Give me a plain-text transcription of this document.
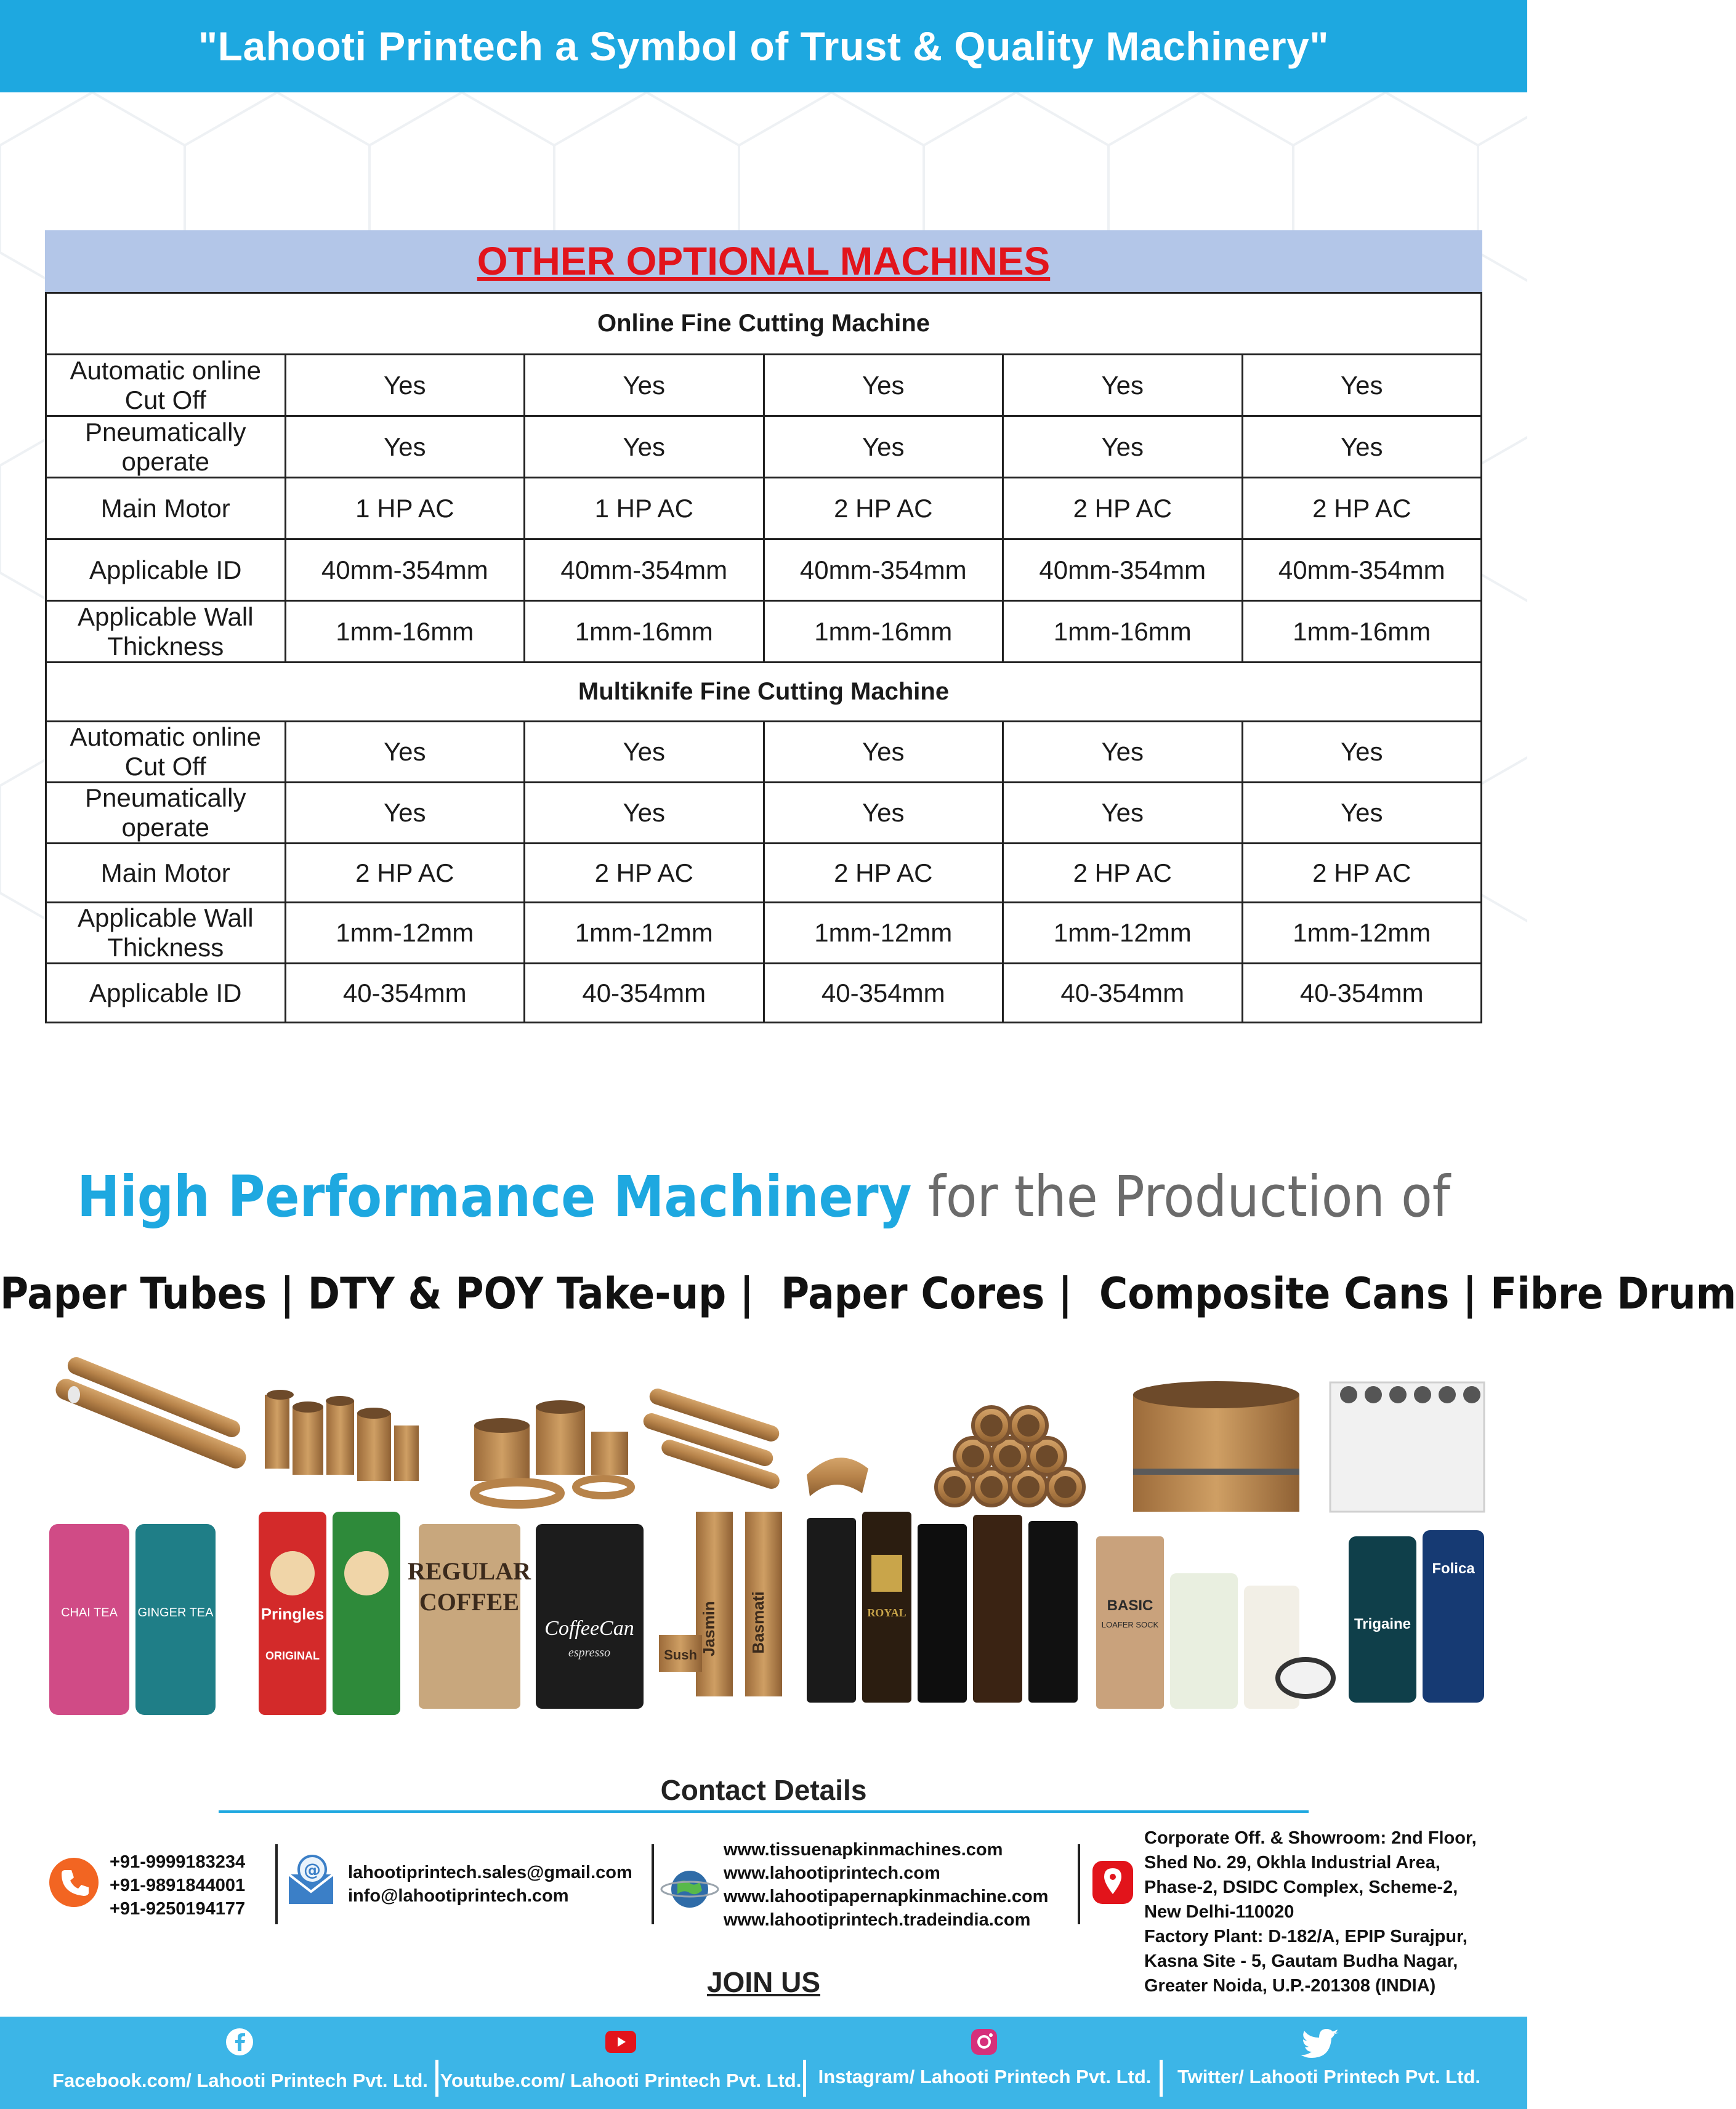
"Lahooti Printech a Symbol of Trust & Quality Machinery"
OTHER OPTIONAL MACHINES
Online Fine Cutting Machine					
Automatic online Cut Off	Yes	Yes	Yes	Yes	Yes
Pneumatically operate	Yes	Yes	Yes	Yes	Yes
Main Motor	1 HP AC	1 HP AC	2 HP AC	2 HP AC	2 HP AC
Applicable ID	40mm-354mm	40mm-354mm	40mm-354mm	40mm-354mm	40mm-354mm
Applicable Wall Thickness	1mm-16mm	1mm-16mm	1mm-16mm	1mm-16mm	1mm-16mm
Multiknife Fine Cutting Machine					
Automatic online Cut Off	Yes	Yes	Yes	Yes	Yes
Pneumatically operate	Yes	Yes	Yes	Yes	Yes
Main Motor	2 HP AC	2 HP AC	2 HP AC	2 HP AC	2 HP AC
Applicable Wall Thickness	1mm-12mm	1mm-12mm	1mm-12mm	1mm-12mm	1mm-12mm
Applicable ID	40-354mm	40-354mm	40-354mm	40-354mm	40-354mm
High Performance Machinery for the Production of
Paper Tubes | DTY & POY Take-up |  Paper Cores |  Composite Cans | Fibre Drum
CHAI TEA GINGER TEA	Pringles
ORIGINAL
REGULAR
COFFEE
CoffeeCan
espresso	Jasmin Basmati
Sush
ROYAL	BASIC
LOAFER SOCK	Trigaine
Folica
Contact Details
+91-9999183234
+91-9891844001
+91-9250194177
@ lahootiprintech.sales@gmail.com
info@lahootiprintech.com
www.tissuenapkinmachines.com
www.lahootiprintech.com
www.lahootipapernapkinmachine.com
www.lahootiprintech.tradeindia.com
Corporate Off. & Showroom: 2nd Floor,
Shed No. 29, Okhla Industrial Area,
Phase-2, DSIDC Complex, Scheme-2,
New Delhi-110020
Factory Plant: D-182/A, EPIP Surajpur,
Kasna Site - 5, Gautam Budha Nagar,
Greater Noida, U.P.-201308 (INDIA)
JOIN US
Facebook.com/ Lahooti Printech Pvt. Ltd. Youtube.com/ Lahooti Printech Pvt. Ltd. Instagram/ Lahooti Printech Pvt. Ltd.	Twitter/ Lahooti Printech Pvt. Ltd.
